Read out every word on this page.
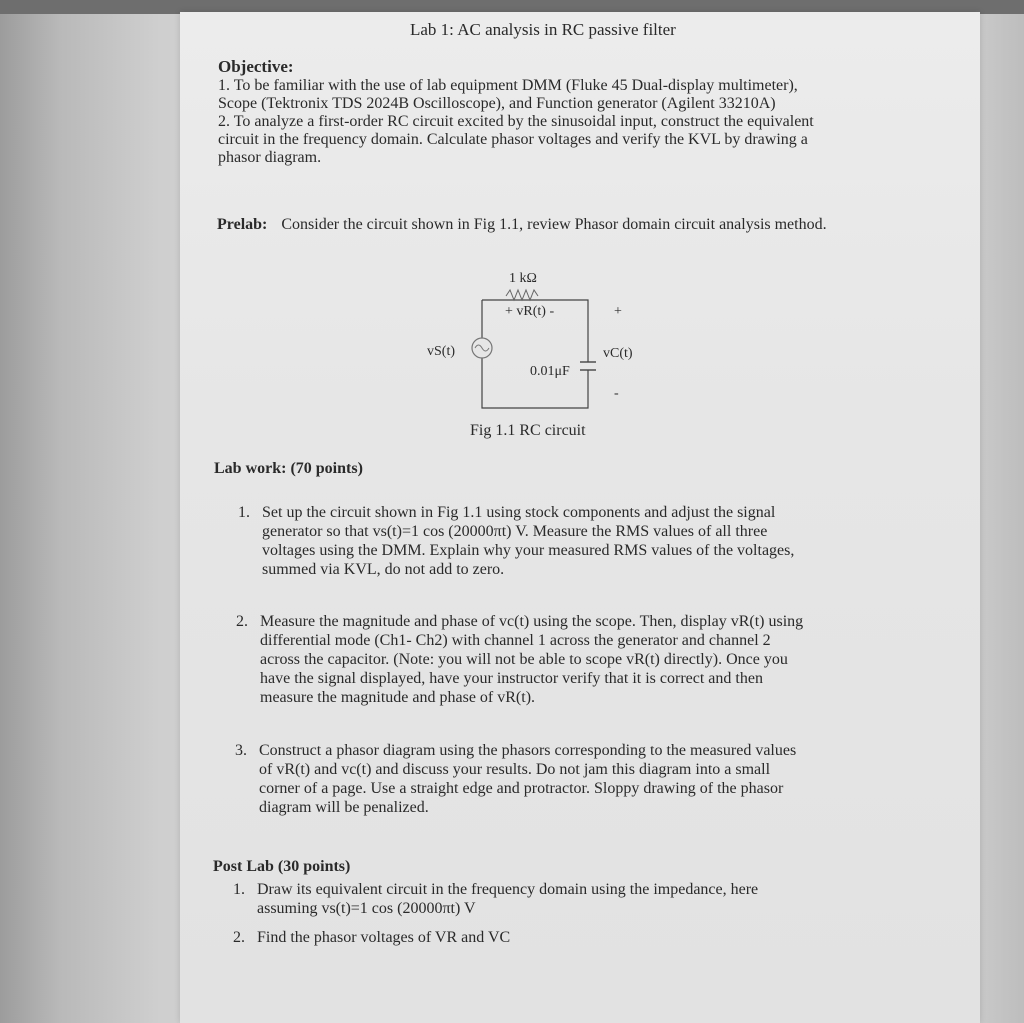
Lab 1: AC analysis in RC passive filter
Objective:
1. To be familiar with the use of lab equipment DMM (Fluke 45 Dual-display multimeter),
Scope (Tektronix TDS 2024B Oscilloscope), and Function generator (Agilent 33210A)
2. To analyze a first-order RC circuit excited by the sinusoidal input, construct the equivalent
circuit in the frequency domain. Calculate phasor voltages and verify the KVL by drawing a
phasor diagram.
Prelab: Consider the circuit shown in Fig 1.1, review Phasor domain circuit analysis method.
1 kΩ
+ vR(t) -	+
vS(t)	vC(t)
0.01μF
-
Fig 1.1 RC circuit
Lab work: (70 points)
1. Set up the circuit shown in Fig 1.1 using stock components and adjust the signal
generator so that vs(t)=1 cos (20000πt) V. Measure the RMS values of all three
voltages using the DMM. Explain why your measured RMS values of the voltages,
summed via KVL, do not add to zero.
2. Measure the magnitude and phase of vc(t) using the scope. Then, display vR(t) using
differential mode (Ch1- Ch2) with channel 1 across the generator and channel 2
across the capacitor. (Note: you will not be able to scope vR(t) directly). Once you
have the signal displayed, have your instructor verify that it is correct and then
measure the magnitude and phase of vR(t).
3. Construct a phasor diagram using the phasors corresponding to the measured values
of vR(t) and vc(t) and discuss your results. Do not jam this diagram into a small
corner of a page. Use a straight edge and protractor. Sloppy drawing of the phasor
diagram will be penalized.
Post Lab (30 points)
1. Draw its equivalent circuit in the frequency domain using the impedance, here
assuming vs(t)=1 cos (20000πt) V
2. Find the phasor voltages of VR and VC
